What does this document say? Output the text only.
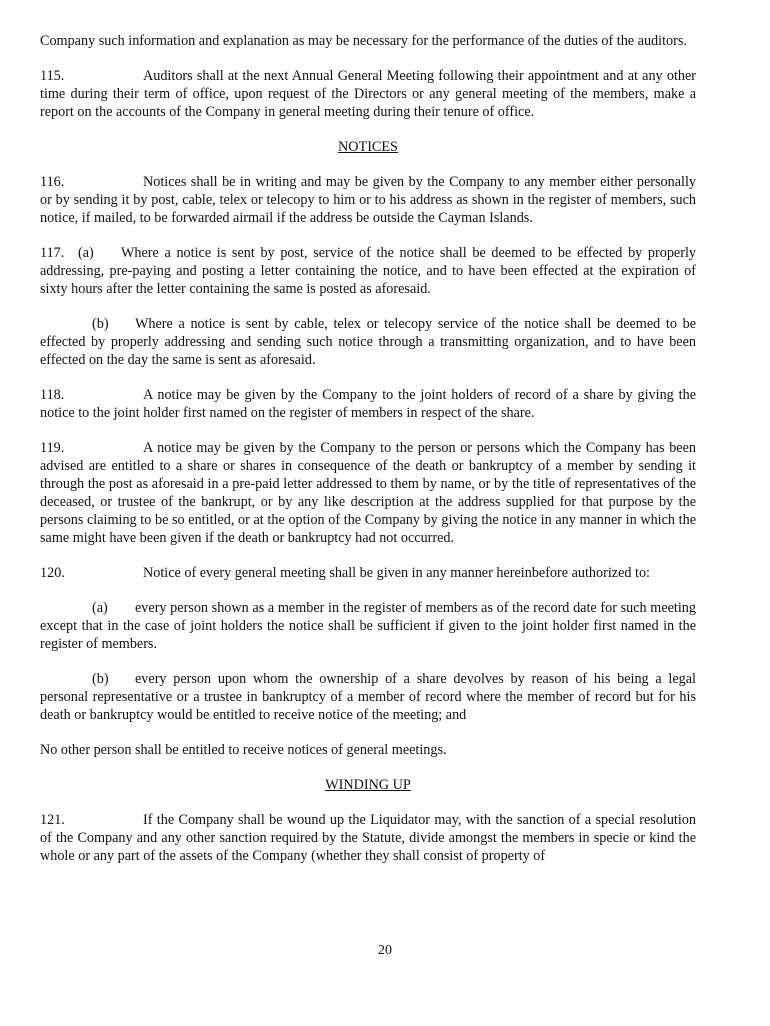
Company such information and explanation as may be necessary for the performance of the duties of the auditors.

115.	Auditors shall at the next Annual General Meeting following their appointment and at any other time during their term of office, upon request of the Directors or any general meeting of the members, make a report on the accounts of the Company in general meeting during their tenure of office.

NOTICES

116.	Notices shall be in writing and may be given by the Company to any member either personally or by sending it by post, cable, telex or telecopy to him or to his address as shown in the register of members, such notice, if mailed, to be forwarded airmail if the address be outside the Cayman Islands.

117. (a) Where a notice is sent by post, service of the notice shall be deemed to be effected by properly addressing, pre-paying and posting a letter containing the notice, and to have been effected at the expiration of sixty hours after the letter containing the same is posted as aforesaid.

(b) Where a notice is sent by cable, telex or telecopy service of the notice shall be deemed to be effected by properly addressing and sending such notice through a transmitting organization, and to have been effected on the day the same is sent as aforesaid.

118.	A notice may be given by the Company to the joint holders of record of a share by giving the notice to the joint holder first named on the register of members in respect of the share.

119.	A notice may be given by the Company to the person or persons which the Company has been advised are entitled to a share or shares in consequence of the death or bankruptcy of a member by sending it through the post as aforesaid in a pre-paid letter addressed to them by name, or by the title of representatives of the deceased, or trustee of the bankrupt, or by any like description at the address supplied for that purpose by the persons claiming to be so entitled, or at the option of the Company by giving the notice in any manner in which the same might have been given if the death or bankruptcy had not occurred.

120.	Notice of every general meeting shall be given in any manner hereinbefore authorized to:

(a) every person shown as a member in the register of members as of the record date for such meeting except that in the case of joint holders the notice shall be sufficient if given to the joint holder first named in the register of members.

(b) every person upon whom the ownership of a share devolves by reason of his being a legal personal representative or a trustee in bankruptcy of a member of record where the member of record but for his death or bankruptcy would be entitled to receive notice of the meeting; and

No other person shall be entitled to receive notices of general meetings.

WINDING UP

121.	If the Company shall be wound up the Liquidator may, with the sanction of a special resolution of the Company and any other sanction required by the Statute, divide amongst the members in specie or kind the whole or any part of the assets of the Company (whether they shall consist of property of

20
